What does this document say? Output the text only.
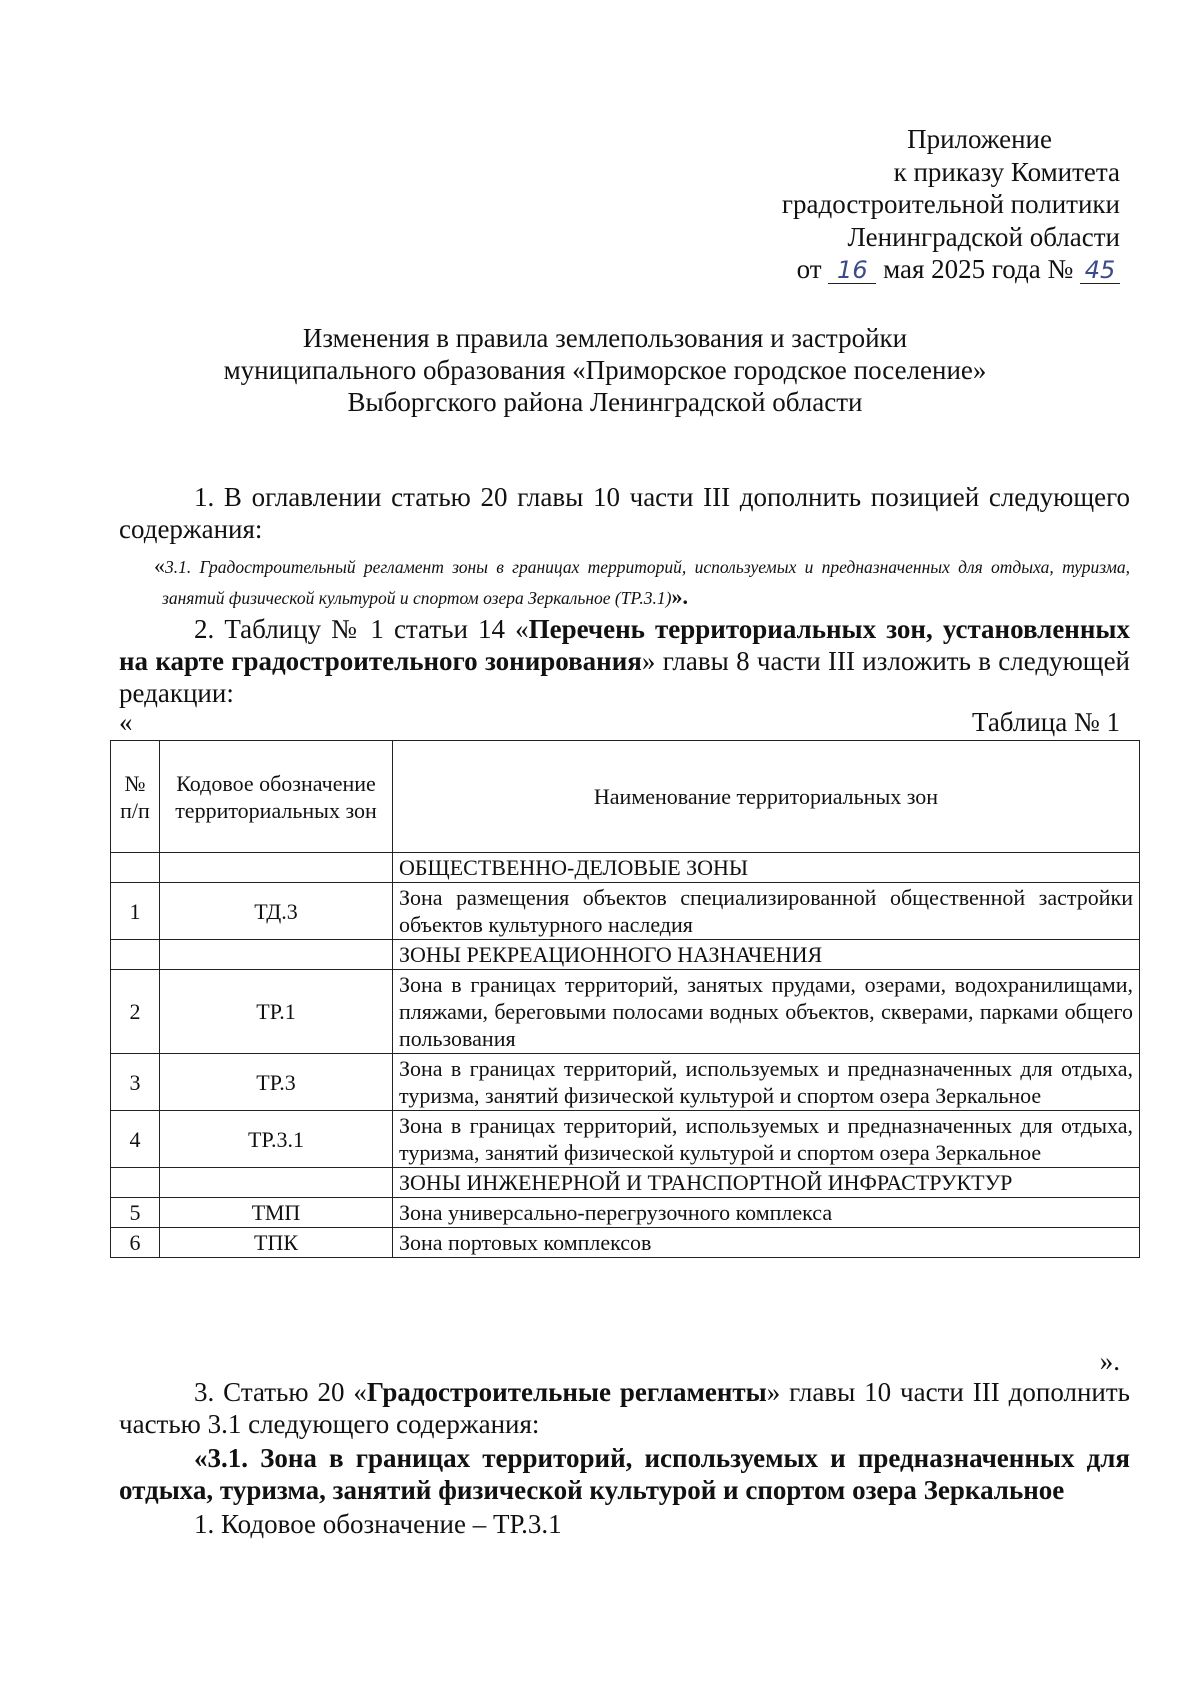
Приложение
к приказу Комитета
градостроительной политики
Ленинградской области
от 16 мая 2025 года № 45
Изменения в правила землепользования и застройки
муниципального образования «Приморское городское поселение»
Выборгского района Ленинградской области
1. В оглавлении статью 20 главы 10 части III дополнить позицией следующего содержания:
«3.1. Градостроительный регламент зоны в границах территорий, используемых и предназначенных для отдыха, туризма, занятий физической культурой и спортом озера Зеркальное (ТР.3.1)».
2. Таблицу № 1 статьи 14 «Перечень территориальных зон, установленных на карте градостроительного зонирования» главы 8 части III изложить в следующей редакции:
«	Таблица № 1
№ п/п	Кодовое обозначение территориальных зон	Наименование территориальных зон
		ОБЩЕСТВЕННО-ДЕЛОВЫЕ ЗОНЫ
1	ТД.3	Зона размещения объектов специализированной общественной застройки объектов культурного наследия
		ЗОНЫ РЕКРЕАЦИОННОГО НАЗНАЧЕНИЯ
2	ТР.1	Зона в границах территорий, занятых прудами, озерами, водохранилищами, пляжами, береговыми полосами водных объектов, скверами, парками общего пользования
3	ТР.3	Зона в границах территорий, используемых и предназначенных для отдыха, туризма, занятий физической культурой и спортом озера Зеркальное
4	ТР.3.1	Зона в границах территорий, используемых и предназначенных для отдыха, туризма, занятий физической культурой и спортом озера Зеркальное
		ЗОНЫ ИНЖЕНЕРНОЙ И ТРАНСПОРТНОЙ ИНФРАСТРУКТУР
5	ТМП	Зона универсально-перегрузочного комплекса
6	ТПК	Зона портовых комплексов
».
3. Статью 20 «Градостроительные регламенты» главы 10 части III дополнить частью 3.1 следующего содержания:
«3.1. Зона в границах территорий, используемых и предназначенных для отдыха, туризма, занятий физической культурой и спортом озера Зеркальное
1. Кодовое обозначение – ТР.3.1
